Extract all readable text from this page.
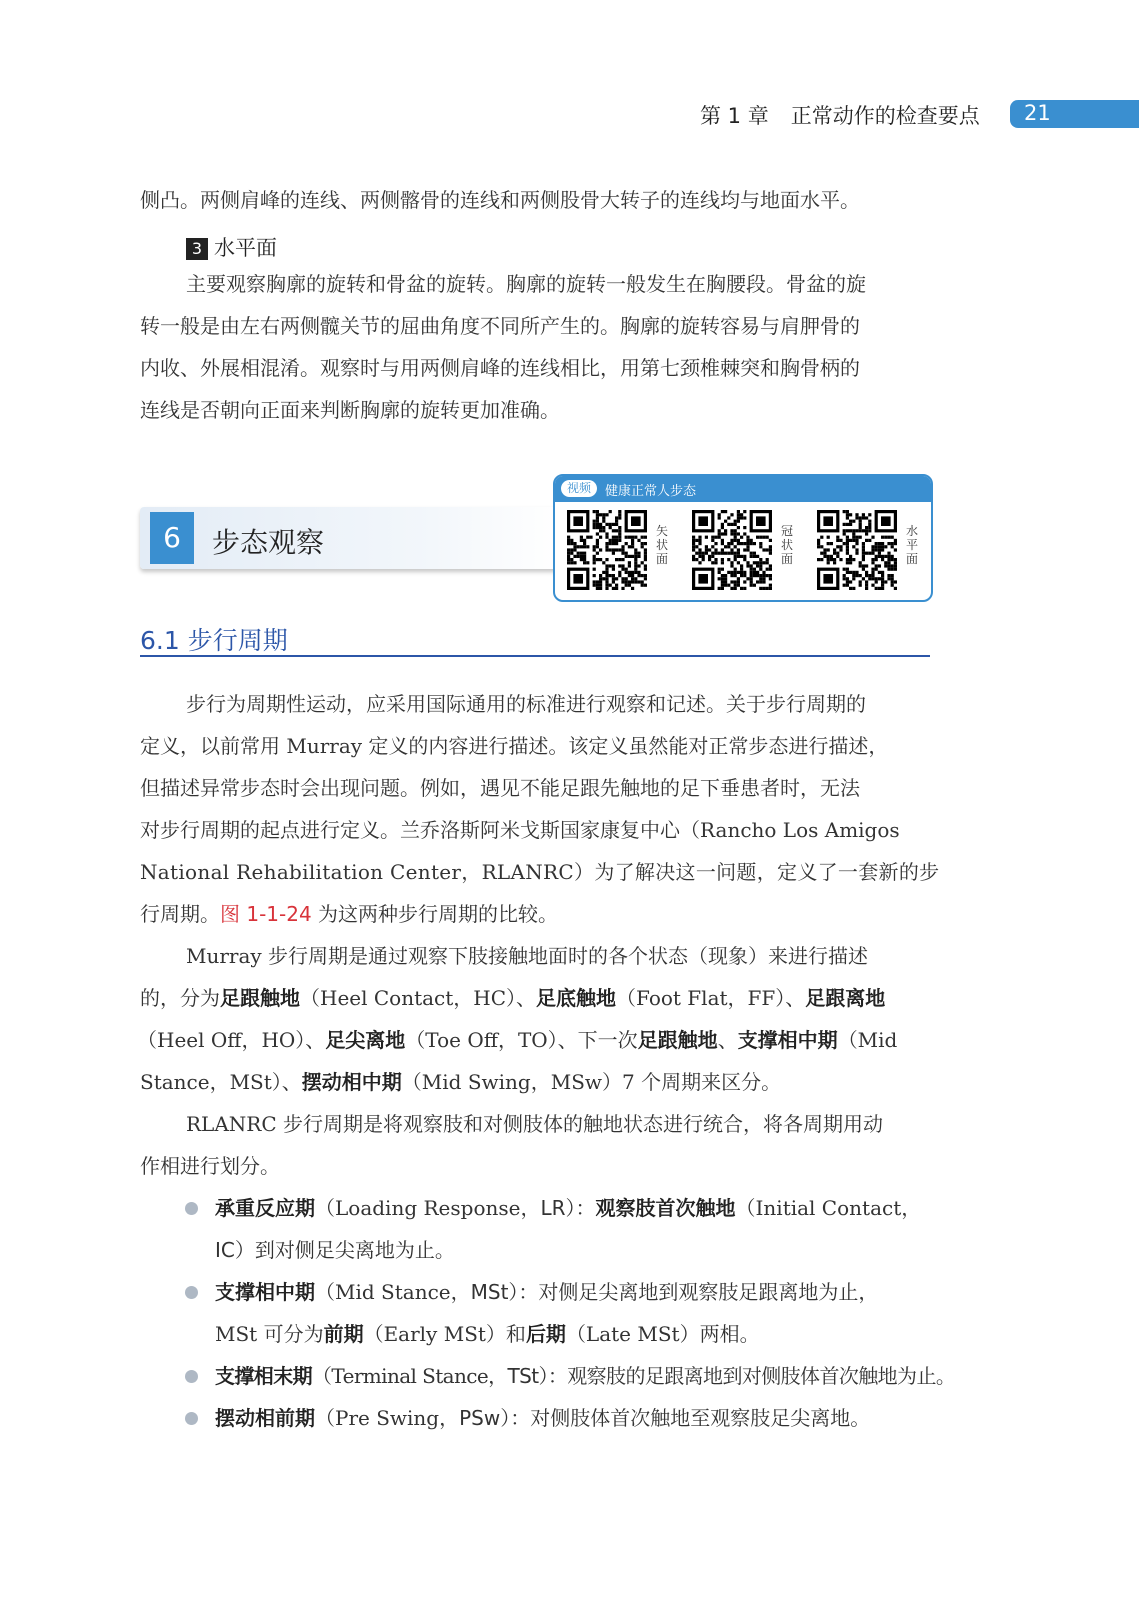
第 1 章 正常动作的检查要点 21
侧凸。两侧肩峰的连线、两侧髂骨的连线和两侧股骨大转子的连线均与地面水平。
3 水平面
主要观察胸廓的旋转和骨盆的旋转。胸廓的旋转一般发生在胸腰段。骨盆的旋
转一般是由左右两侧髋关节的屈曲角度不同所产生的。胸廓的旋转容易与肩胛骨的
内收、外展相混淆。观察时与用两侧肩峰的连线相比，用第七颈椎棘突和胸骨柄的
连线是否朝向正面来判断胸廓的旋转更加准确。
6	步态观察
视频	健康正常人步态
矢状面
冠状面
水平面
6.1 步行周期
步行为周期性运动，应采用国际通用的标准进行观察和记述。关于步行周期的
定义，以前常用 Murray 定义的内容进行描述。该定义虽然能对正常步态进行描述，
但描述异常步态时会出现问题。例如，遇见不能足跟先触地的足下垂患者时，无法
对步行周期的起点进行定义。兰乔洛斯阿米戈斯国家康复中心（Rancho Los Amigos
National Rehabilitation Center，RLANRC）为了解决这一问题，定义了一套新的步
行周期。图 1-1-24 为这两种步行周期的比较。
Murray 步行周期是通过观察下肢接触地面时的各个状态（现象）来进行描述
的，分为足跟触地（Heel Contact，HC）、足底触地（Foot Flat，FF）、足跟离地
（Heel Off，HO）、足尖离地（Toe Off，TO）、下一次足跟触地、支撑相中期（Mid
Stance，MSt）、摆动相中期（Mid Swing，MSw）7 个周期来区分。
RLANRC 步行周期是将观察肢和对侧肢体的触地状态进行统合，将各周期用动
作相进行划分。
承重反应期（Loading Response，LR）：观察肢首次触地（Initial Contact，
IC）到对侧足尖离地为止。
支撑相中期（Mid Stance，MSt）：对侧足尖离地到观察肢足跟离地为止，
MSt 可分为前期（Early MSt）和后期（Late MSt）两相。
支撑相末期（Terminal Stance，TSt）：观察肢的足跟离地到对侧肢体首次触地为止。
摆动相前期（Pre Swing，PSw）：对侧肢体首次触地至观察肢足尖离地。
